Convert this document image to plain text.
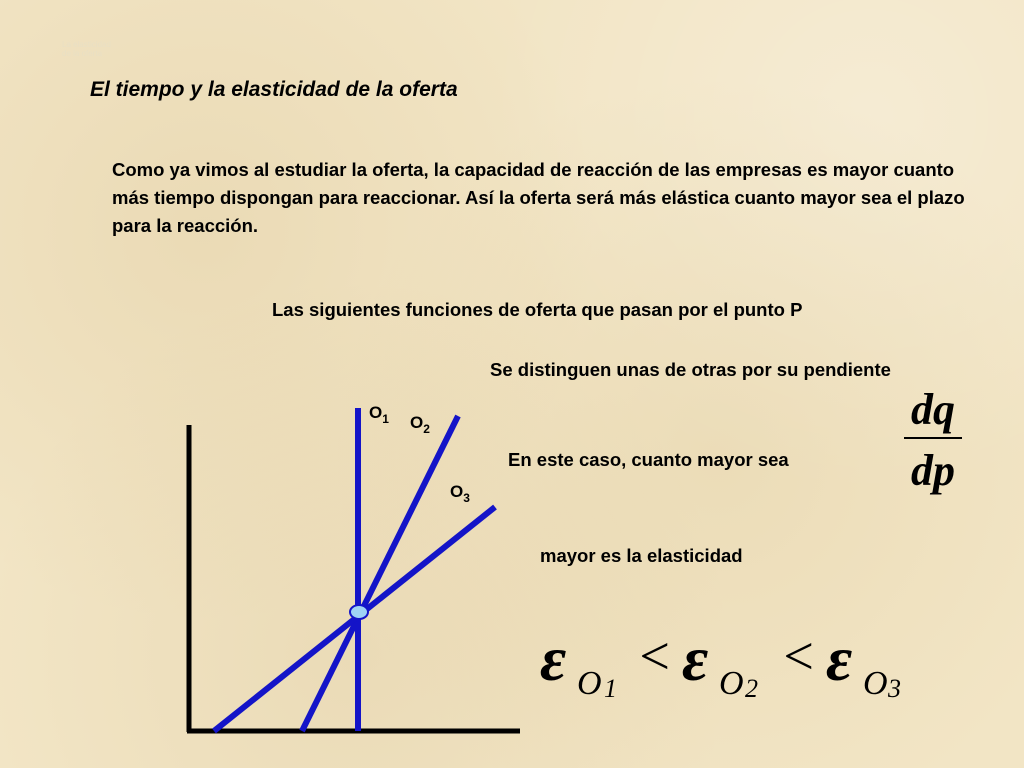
La elasticidad
de la oferta
El tiempo y la elasticidad de la oferta
Como ya vimos al estudiar la oferta, la capacidad de reacción de las empresas es mayor cuanto más tiempo dispongan para reaccionar. Así la oferta será más elástica cuanto mayor sea el plazo para la reacción.
Las siguientes funciones de oferta que pasan por el punto P
Se distinguen unas de otras por su pendiente
En este caso, cuanto mayor sea
mayor es la elasticidad
dq
dp
$O_1$ $O_2$
$O_3$
ε O 1
< ε O 2
< ε O 3
